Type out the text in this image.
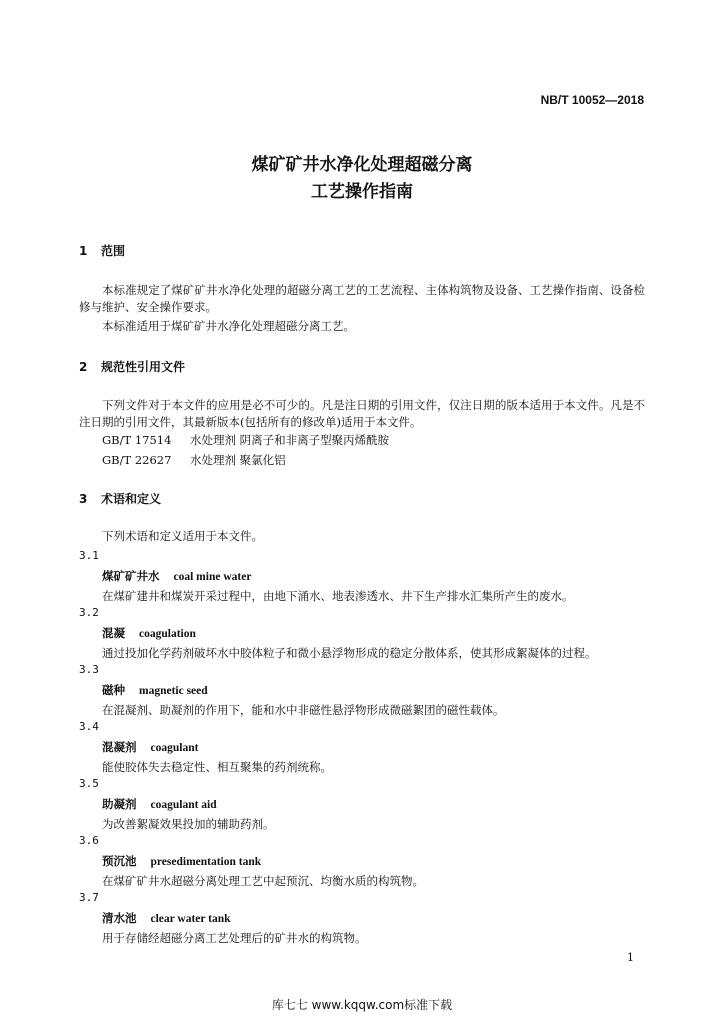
NB/T 10052—2018
煤矿矿井水净化处理超磁分离
工艺操作指南
1 范围
本标准规定了煤矿矿井水净化处理的超磁分离工艺的工艺流程、主体构筑物及设备、工艺操作指南、设备检修与维护、安全操作要求。
本标准适用于煤矿矿井水净化处理超磁分离工艺。
2 规范性引用文件
下列文件对于本文件的应用是必不可少的。凡是注日期的引用文件，仅注日期的版本适用于本文件。凡是不注日期的引用文件，其最新版本(包括所有的修改单)适用于本文件。
GB/T 17514 水处理剂 阴离子和非离子型聚丙烯酰胺
GB/T 22627 水处理剂 聚氯化铝
3 术语和定义
下列术语和定义适用于本文件。
3.1
煤矿矿井水 coal mine water
在煤矿建井和煤炭开采过程中，由地下涌水、地表渗透水、井下生产排水汇集所产生的废水。
3.2
混凝 coagulation
通过投加化学药剂破坏水中胶体粒子和微小悬浮物形成的稳定分散体系，使其形成絮凝体的过程。
3.3
磁种 magnetic seed
在混凝剂、助凝剂的作用下，能和水中非磁性悬浮物形成微磁絮团的磁性载体。
3.4
混凝剂 coagulant
能使胶体失去稳定性、相互聚集的药剂统称。
3.5
助凝剂 coagulant aid
为改善絮凝效果投加的辅助药剂。
3.6
预沉池 presedimentation tank
在煤矿矿井水超磁分离处理工艺中起预沉、均衡水质的构筑物。
3.7
清水池 clear water tank
用于存储经超磁分离工艺处理后的矿井水的构筑物。
1
库七七 www.kqqw.com标准下载
